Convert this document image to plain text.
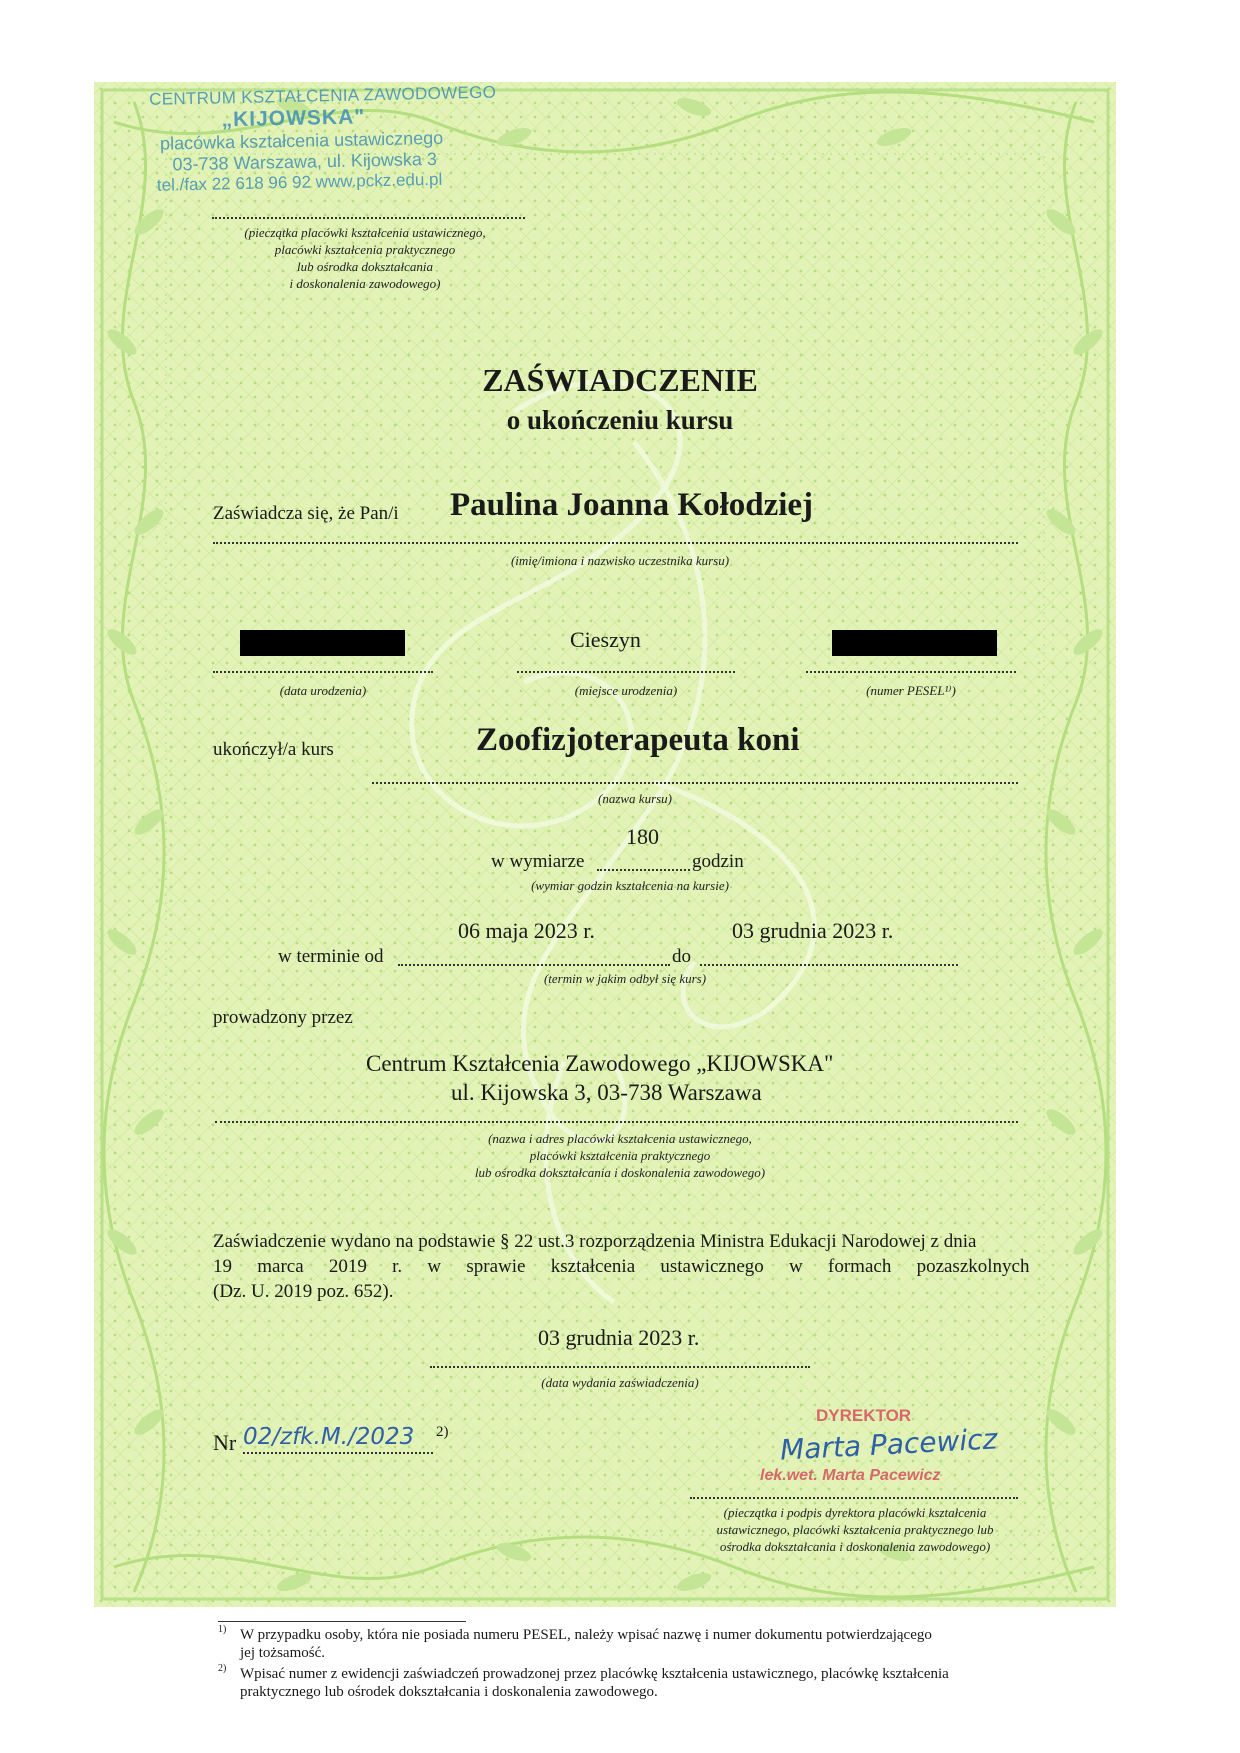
CENTRUM KSZTAŁCENIA ZAWODOWEGO
„KIJOWSKA"
placówka kształcenia ustawicznego
03-738 Warszawa, ul. Kijowska 3
tel./fax 22 618 96 92 www.pckz.edu.pl
(pieczątka placówki kształcenia ustawicznego,
placówki kształcenia praktycznego
lub ośrodka dokształcania
i doskonalenia zawodowego)
ZAŚWIADCZENIE
o ukończeniu kursu
Zaświadcza się, że Pan/i Paulina Joanna Kołodziej
(imię/imiona i nazwisko uczestnika kursu)
Cieszyn
(data urodzenia)	(miejsce urodzenia)	(numer PESEL¹⁾)
ukończył/a kurs	Zoofizjoterapeuta koni
(nazwa kursu)
180
w wymiarze	godzin
(wymiar godzin kształcenia na kursie)
06 maja 2023 r.	03 grudnia 2023 r.
w terminie od	do
(termin w jakim odbył się kurs)
prowadzony przez
Centrum Kształcenia Zawodowego „KIJOWSKA"
ul. Kijowska 3, 03-738 Warszawa
(nazwa i adres placówki kształcenia ustawicznego,
placówki kształcenia praktycznego
lub ośrodka dokształcania i doskonalenia zawodowego)
Zaświadczenie wydano na podstawie § 22 ust.3 rozporządzenia Ministra Edukacji Narodowej z dnia
19 marca 2019 r. w sprawie kształcenia ustawicznego w formach pozaszkolnych
(Dz. U. 2019 poz. 652).
03 grudnia 2023 r.
(data wydania zaświadczenia)
Nr 02/zfk.M./2023 2)
DYREKTOR
Marta Pacewicz
lek.wet. Marta Pacewicz
(pieczątka i podpis dyrektora placówki kształcenia
ustawicznego, placówki kształcenia praktycznego lub
ośrodka dokształcania i doskonalenia zawodowego)
1) W przypadku osoby, która nie posiada numeru PESEL, należy wpisać nazwę i numer dokumentu potwierdzającego
jej tożsamość.
2) Wpisać numer z ewidencji zaświadczeń prowadzonej przez placówkę kształcenia ustawicznego, placówkę kształcenia
praktycznego lub ośrodek dokształcania i doskonalenia zawodowego.
